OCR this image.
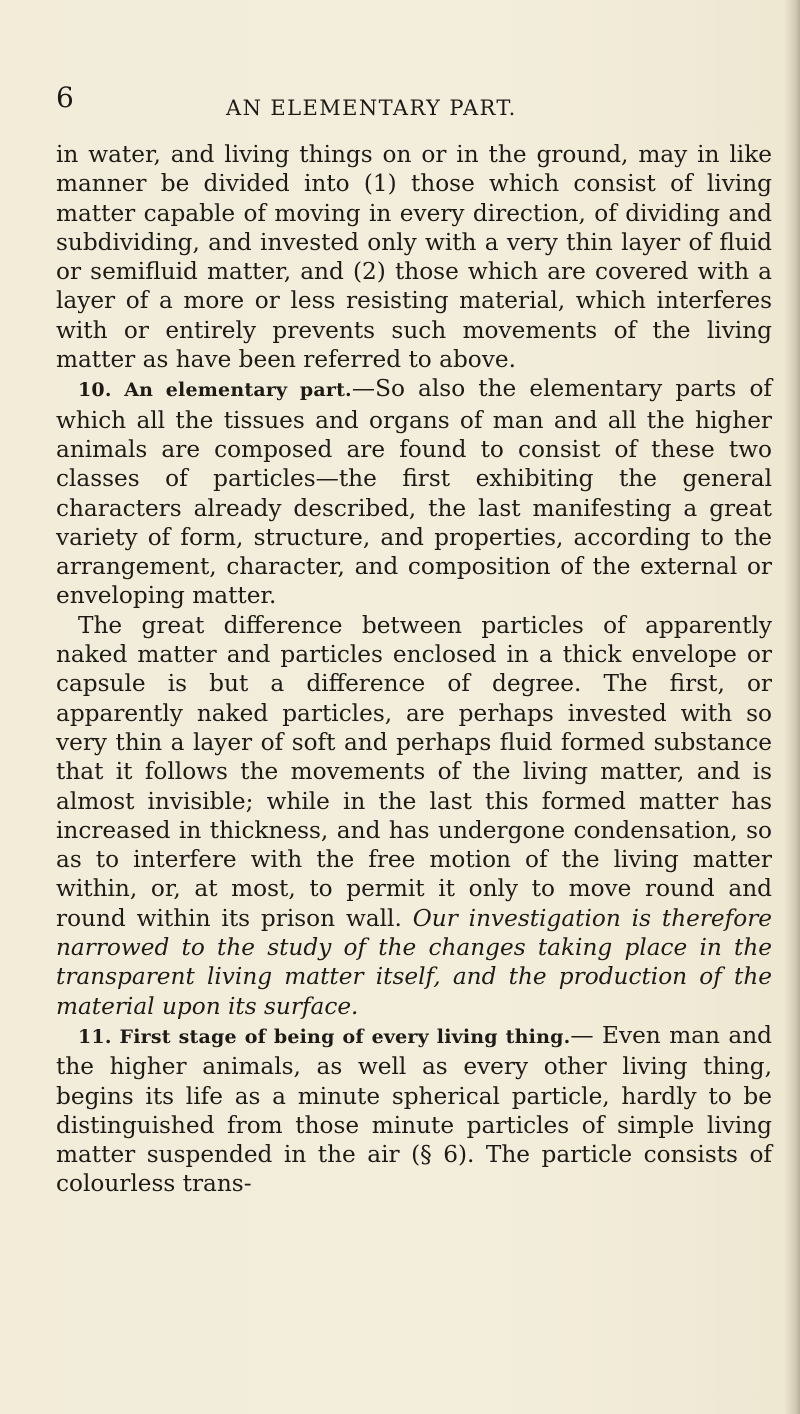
6	AN ELEMENTARY PART.

in water, and living things on or in the ground, may in like manner be divided into (1) those which consist of living matter capable of moving in every direction, of dividing and subdividing, and invested only with a very thin layer of fluid or semifluid matter, and (2) those which are covered with a layer of a more or less resisting material, which interferes with or entirely prevents such movements of the living matter as have been referred to above.

10. An elementary part.—So also the elementary parts of which all the tissues and organs of man and all the higher animals are composed are found to consist of these two classes of particles—the first exhibiting the general characters already described, the last manifesting a great variety of form, structure, and properties, according to the arrangement, character, and composition of the external or enveloping matter.

The great difference between particles of apparently naked matter and particles enclosed in a thick envelope or capsule is but a difference of degree. The first, or apparently naked particles, are perhaps invested with so very thin a layer of soft and perhaps fluid formed substance that it follows the movements of the living matter, and is almost invisible; while in the last this formed matter has increased in thickness, and has undergone condensation, so as to interfere with the free motion of the living matter within, or, at most, to permit it only to move round and round within its prison wall. Our investigation is therefore narrowed to the study of the changes taking place in the transparent living matter itself, and the production of the material upon its surface.

11. First stage of being of every living thing.— Even man and the higher animals, as well as every other living thing, begins its life as a minute spherical particle, hardly to be distinguished from those minute particles of simple living matter suspended in the air (§ 6). The particle consists of colourless trans-
